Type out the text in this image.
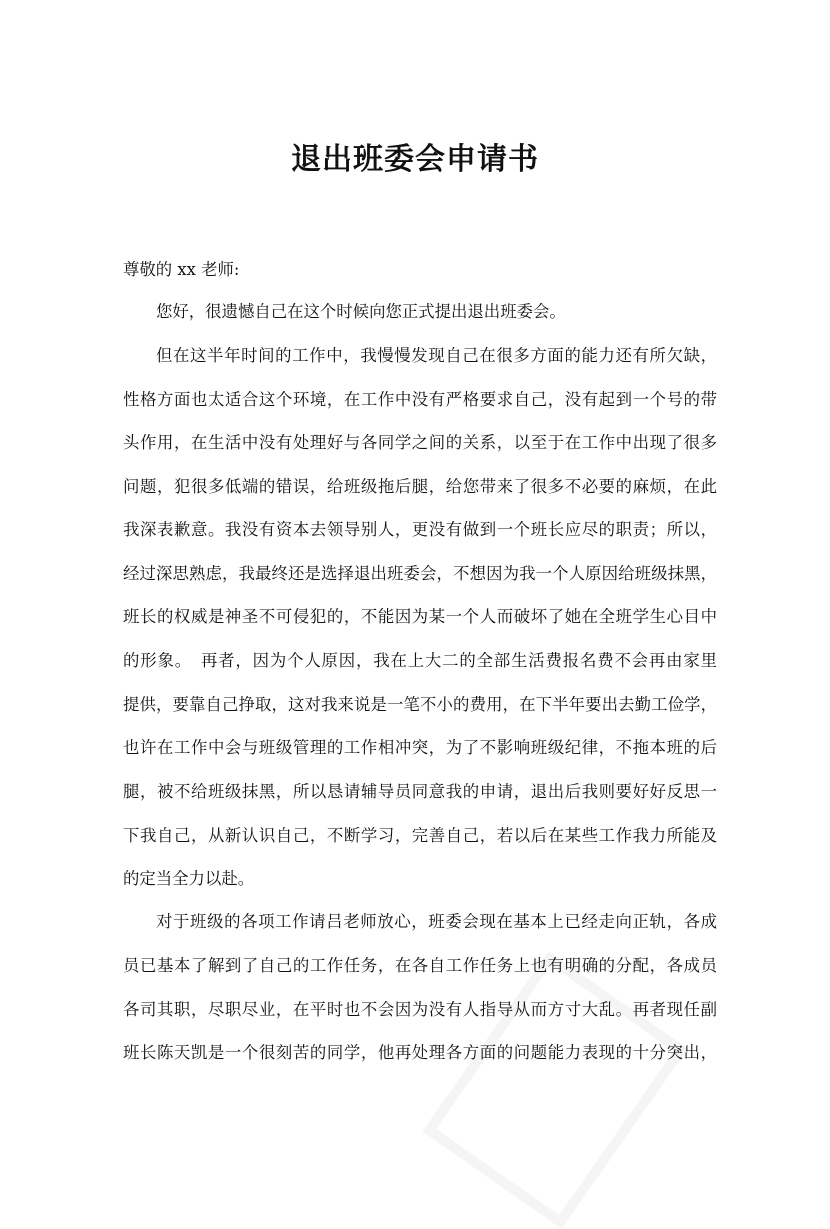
退出班委会申请书
尊敬的 xx 老师:
您好，很遗憾自己在这个时候向您正式提出退出班委会。
但在这半年时间的工作中，我慢慢发现自己在很多方面的能力还有所欠缺，
性格方面也太适合这个环境，在工作中没有严格要求自己，没有起到一个号的带
头作用，在生活中没有处理好与各同学之间的关系，以至于在工作中出现了很多
问题，犯很多低端的错误，给班级拖后腿，给您带来了很多不必要的麻烦，在此
我深表歉意。我没有资本去领导别人，更没有做到一个班长应尽的职责；所以，
经过深思熟虑，我最终还是选择退出班委会，不想因为我一个人原因给班级抹黑，
班长的权威是神圣不可侵犯的，不能因为某一个人而破坏了她在全班学生心目中
的形象。　再者，因为个人原因，我在上大二的全部生活费报名费不会再由家里
提供，要靠自己挣取，这对我来说是一笔不小的费用，在下半年要出去勤工俭学，
也许在工作中会与班级管理的工作相冲突，为了不影响班级纪律，不拖本班的后
腿，被不给班级抹黑，所以恳请辅导员同意我的申请，退出后我则要好好反思一
下我自己，从新认识自己，不断学习，完善自己，若以后在某些工作我力所能及
的定当全力以赴。
对于班级的各项工作请吕老师放心，班委会现在基本上已经走向正轨，各成
员已基本了解到了自己的工作任务，在各自工作任务上也有明确的分配，各成员
各司其职，尽职尽业，在平时也不会因为没有人指导从而方寸大乱。再者现任副
班长陈天凯是一个很刻苦的同学，他再处理各方面的问题能力表现的十分突出，
